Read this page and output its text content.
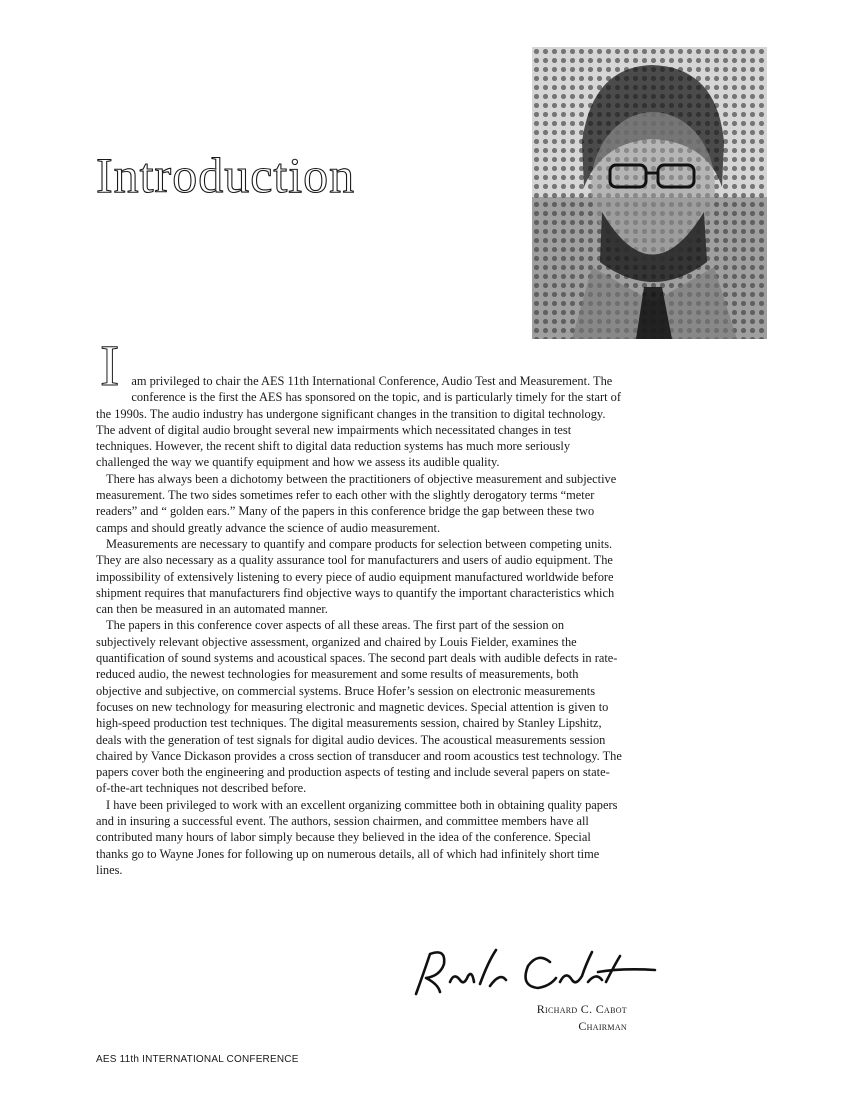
Introduction

I am privileged to chair the AES 11th International Conference, Audio Test and Measurement. The conference is the first the AES has sponsored on the topic, and is particularly timely for the start of the 1990s. The audio industry has undergone significant changes in the transition to digital technology. The advent of digital audio brought several new impairments which necessitated changes in test techniques. However, the recent shift to digital data reduction systems has much more seriously challenged the way we quantify equipment and how we assess its audible quality.

There has always been a dichotomy between the practitioners of objective measurement and subjective measurement. The two sides sometimes refer to each other with the slightly derogatory terms “meter readers” and “ golden ears.” Many of the papers in this conference bridge the gap between these two camps and should greatly advance the science of audio measurement.

Measurements are necessary to quantify and compare products for selection between competing units. They are also necessary as a quality assurance tool for manufacturers and users of audio equipment. The impossibility of extensively listening to every piece of audio equipment manufactured worldwide before shipment requires that manufacturers find objective ways to quantify the important characteristics which can then be measured in an automated manner.

The papers in this conference cover aspects of all these areas. The first part of the session on subjectively relevant objective assessment, organized and chaired by Louis Fielder, examines the quantification of sound systems and acoustical spaces. The second part deals with audible defects in rate-reduced audio, the newest technologies for measurement and some results of measurements, both objective and subjective, on commercial systems. Bruce Hofer’s session on electronic measurements focuses on new technology for measuring electronic and magnetic devices. Special attention is given to high-speed production test techniques. The digital measurements session, chaired by Stanley Lipshitz, deals with the generation of test signals for digital audio devices. The acoustical measurements session chaired by Vance Dickason provides a cross section of transducer and room acoustics test technology. The papers cover both the engineering and production aspects of testing and include several papers on state-of-the-art techniques not described before.

I have been privileged to work with an excellent organizing committee both in obtaining quality papers and in insuring a successful event. The authors, session chairmen, and committee members have all contributed many hours of labor simply because they believed in the idea of the conference. Special thanks go to Wayne Jones for following up on numerous details, all of which had infinitely short time lines.

Richard C. Cabot

Chairman

AES 11th INTERNATIONAL CONFERENCE
